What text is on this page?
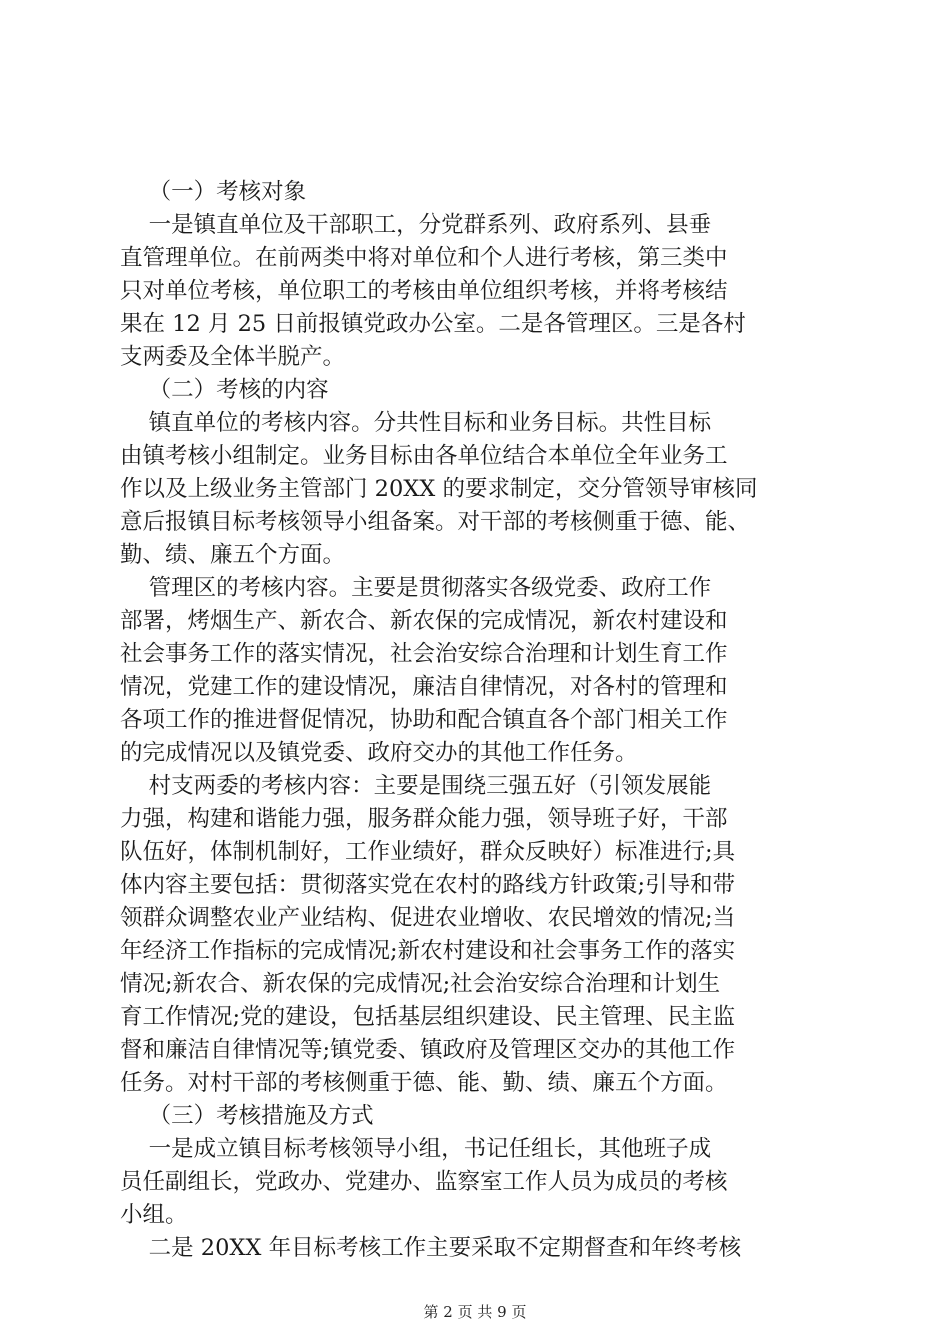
（一）考核对象
一是镇直单位及干部职工，分党群系列、政府系列、县垂
直管理单位。在前两类中将对单位和个人进行考核，第三类中
只对单位考核，单位职工的考核由单位组织考核，并将考核结
果在 12 月 25 日前报镇党政办公室。二是各管理区。三是各村
支两委及全体半脱产。
（二）考核的内容
镇直单位的考核内容。分共性目标和业务目标。共性目标
由镇考核小组制定。业务目标由各单位结合本单位全年业务工
作以及上级业务主管部门 20XX 的要求制定，交分管领导审核同
意后报镇目标考核领导小组备案。对干部的考核侧重于德、能、
勤、绩、廉五个方面。
管理区的考核内容。主要是贯彻落实各级党委、政府工作
部署，烤烟生产、新农合、新农保的完成情况，新农村建设和
社会事务工作的落实情况，社会治安综合治理和计划生育工作
情况，党建工作的建设情况，廉洁自律情况，对各村的管理和
各项工作的推进督促情况，协助和配合镇直各个部门相关工作
的完成情况以及镇党委、政府交办的其他工作任务。
村支两委的考核内容：主要是围绕三强五好（引领发展能
力强，构建和谐能力强，服务群众能力强，领导班子好，干部
队伍好，体制机制好，工作业绩好，群众反映好）标准进行;具
体内容主要包括：贯彻落实党在农村的路线方针政策;引导和带
领群众调整农业产业结构、促进农业增收、农民增效的情况;当
年经济工作指标的完成情况;新农村建设和社会事务工作的落实
情况;新农合、新农保的完成情况;社会治安综合治理和计划生
育工作情况;党的建设，包括基层组织建设、民主管理、民主监
督和廉洁自律情况等;镇党委、镇政府及管理区交办的其他工作
任务。对村干部的考核侧重于德、能、勤、绩、廉五个方面。
（三）考核措施及方式
一是成立镇目标考核领导小组，书记任组长，其他班子成
员任副组长，党政办、党建办、监察室工作人员为成员的考核
小组。
二是 20XX 年目标考核工作主要采取不定期督查和年终考核
第 2 页 共 9 页
